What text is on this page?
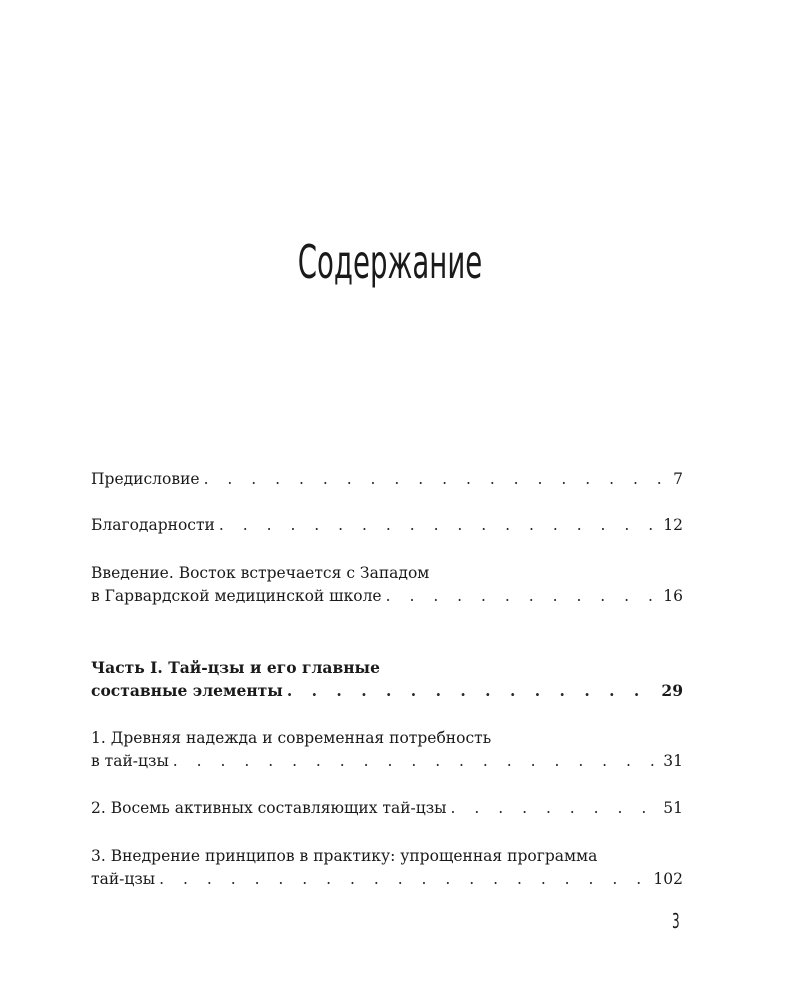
Содержание
Предисловие . . .	7
Благодарности . . .	12
Введение. Восток встречается с Западом
в Гарвардской медицинской школе . . .	16
Часть I. Тай-цзы и его главные
составные элементы . . .	29
1. Древняя надежда и современная потребность
в тай-цзы . . .	31
2. Восемь активных составляющих тай-цзы . . .	51
3. Внедрение принципов в практику: упрощенная программа
тай-цзы . . .	102
3
